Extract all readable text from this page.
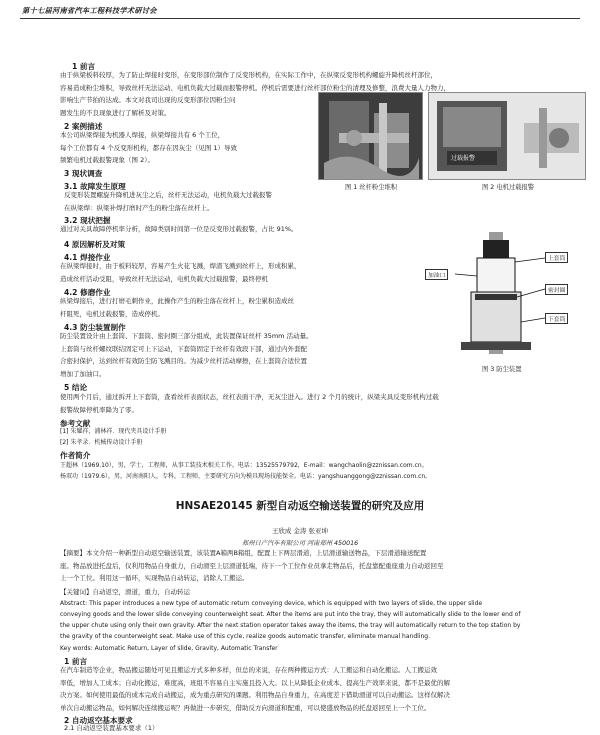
第十七届河南省汽车工程科技学术研讨会
1 前言
由于纵梁板料较厚，为了防止焊接时变形，在变形部位制作了反变形机构，在实际工作中，在纵梁反变形机构螺旋升降机丝杆部位，
容易造成粉尘堆积，导致丝杆无法运动、电机负载大过载而报警停机。停机后需要进行丝杆部位粉尘的清理及修整，浪费大量人力物力，
影响生产节拍的达成。本文对我司出现的反变形部位因粉尘问
题发生的不良现象进行了解析及对策。
2 案例描述
本公司纵梁焊接为机器人焊接，纵梁焊接共有 6 个工位，
每个工位都有 4 个反变形机构，都存在因灰尘（见图 1）导致
频繁电机过载报警现象（图 2）。
3 现状调查
3.1 故障发生原理
反变形装置螺旋升降机进灰尘之后，丝杆无法运动，电机负载大过载报警
在纵梁焊：纵梁补焊打磨时产生的粉尘落在丝杆上。
3.2 现状把握
通过对关具故障停机率分析，故障类别时间第一位是反变形过载报警，占比 91%。
4 原因解析及对策
4.1 焊接作业
在纵梁焊接时，由于板料较厚，容易产生火花飞溅，焊渣飞溅到丝杆上，形成积累，
造成丝杆活动受阻，导致丝杆无法运动，电机负载大过载报警，最终停机
4.2 修磨作业
纵梁焊接后，进行打磨毛刺作业，此操作产生的粉尘落在丝杆上，粉尘累积造成丝
杆阻死，电机过载报警，造成停机。
4.3 防尘装置制作
防尘装置设计由上套筒、下套筒、密封圈三部分组成，此装置保证丝杆 35mm 活动量。
上套筒与丝杆螺纹联结固定可上下运动，下套筒固定于丝杆有效段下部，通过内外套配
合密封保护，达到丝杆有效防尘防飞溅目的。为减少丝杆活动摩擦，在上套筒合适位置
增加了加油口。
5 结论
使用两个月后，通过拆开上下套筒，查看丝杆表面状态，丝杠表面干净，无灰尘进入。进行 2 个月的统计，纵梁夹具反变形机构过载
报警故障停机率降为了零。
参考文献
[1] 朱耀祥，浦林祥．现代夹具设计手册
[2] 朱孝录．机械传动设计手册
作者简介
王超林（1969.10），男，学士，工程师，从事工装技术相关工作。电话：13525579792，E-mail：wangchaolin@zznissan.com.cn。
杨双功（1979.6），男，河南南阳人，专科，工程师，主要研究方向为模具现场技能保全。电话：yangshuanggong@zznissan.com.cn。
图 1 丝杆粉尘堆积
过载报警
图 2 电机过载报警
上套筒
加油口
密封圈
下套筒
图 3 防尘装置
HNSAE20145 新型自动返空输送装置的研究及应用
王欣成 金涛 张亚坤
郑州日产汽车有限公司 河南郑州 450016
【摘要】本文介绍一种新型自动返空输送装置，该装置A箱两B箱组，配置上下两层滑道，上层滑道输送物品，下层滑道输送配置
座。物品放进托盘后，仅利用物品自身重力，自动滑至上层滑道低端，待下一个工位作业员拿走物品后，托盘靠配重座重力自动返回至
上一个工位。利用这一循环，实现物品自动转运，消除人工搬运。
【关键词】自动返空，滑道，重力，自动转运
Abstract: This paper introduces a new type of automatic return conveying device, which is equipped with two layers of slide, the upper slide
conveying goods and the lower slide conveying counterweight seat. After the items are put into the tray, they will automatically slide to the lower end of
the upper chute using only their own gravity. After the next station operator takes away the items, the tray will automatically return to the top station by
the gravity of the counterweight seat. Make use of this cycle, realize goods automatic transfer, eliminate manual handling.
Key words: Automatic Return, Layer of slide, Gravity, Automatic Transfer
1 前言
在汽车制造等企业，物品搬运随处可见且搬运方式多种多样，但总的来说，存在两种搬运方式：人工搬运和自动化搬运。人工搬运效
率低，增加人工成本；自动化搬运，难度高，班组不容易自主实施且投入大。以上从降低企业成本、提高生产效率来说，都不是最优的解
决方案。如何使用最低的成本完成自动搬运，成为重点研究的课题。利用物品自身重力，在高度差下借助滑道可以自动搬运。这样仅解决
单次自动搬运物品，如何解决连续搬运呢？再做进一步研究，借助反方向滑道和配重，可以使盛放物品的托盘返回至上一个工位。
2 自动返空基本要求
2.1 自动返空装置基本要求（1）
